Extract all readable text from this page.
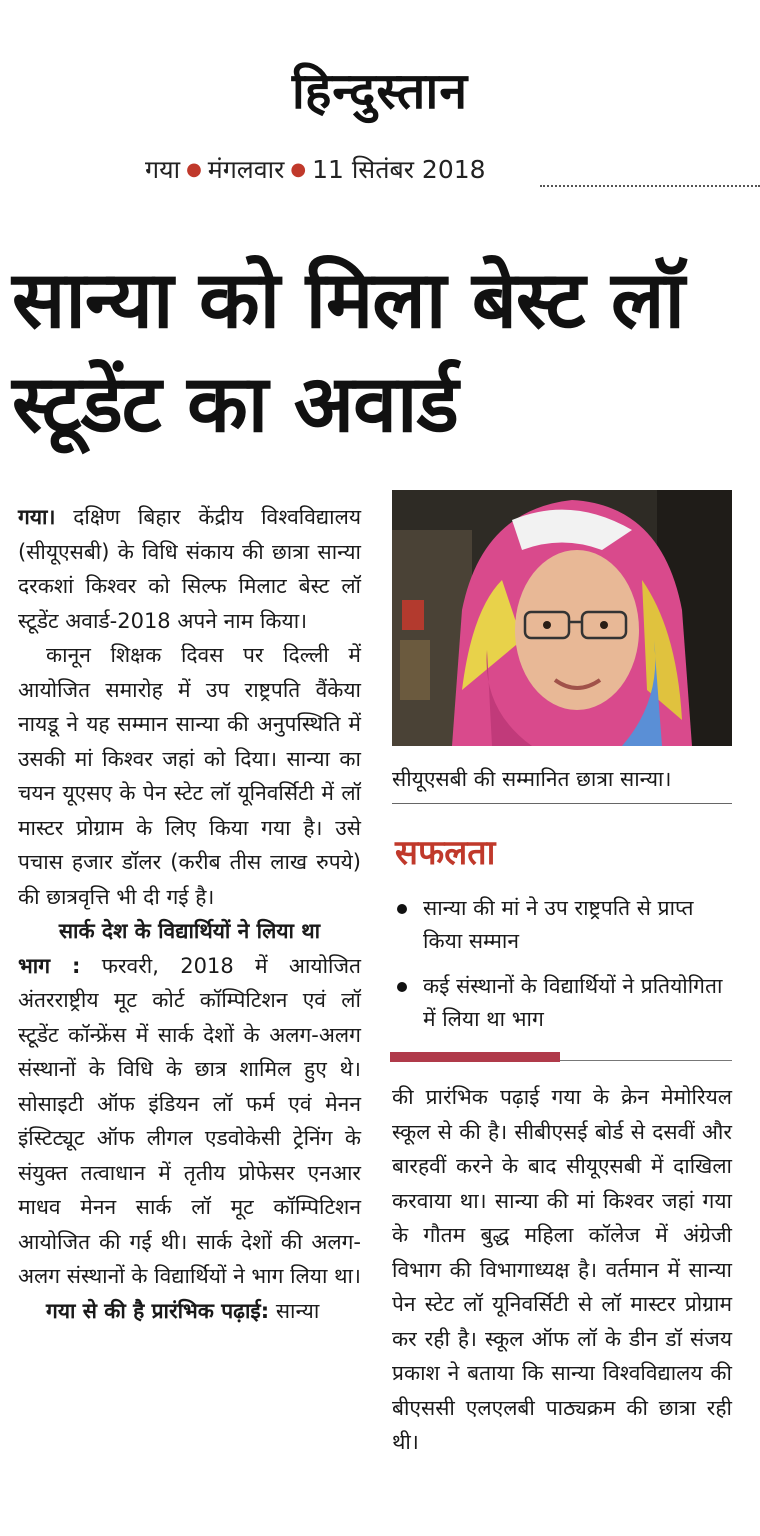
हिन्दुस्तान
गया ● मंगलवार ● 11 सितंबर 2018
सान्या को मिला बेस्ट लॉ
स्टूडेंट का अवार्ड

गया। दक्षिण बिहार केंद्रीय विश्वविद्यालय (सीयूएसबी) के विधि संकाय की छात्रा सान्या दरकशां किश्वर को सिल्फ मिलाट बेस्ट लॉ स्टूडेंट अवार्ड-2018 अपने नाम किया।

कानून शिक्षक दिवस पर दिल्ली में आयोजित समारोह में उप राष्ट्रपति वैंकेया नायडू ने यह सम्मान सान्या की अनुपस्थिति में उसकी मां किश्वर जहां को दिया। सान्या का चयन यूएसए के पेन स्टेट लॉ यूनिवर्सिटी में लॉ मास्टर प्रोग्राम के लिए किया गया है। उसे पचास हजार डॉलर (करीब तीस लाख रुपये) की छात्रवृत्ति भी दी गई है।

सार्क देश के विद्यार्थियों ने लिया था

भाग : फरवरी, 2018 में आयोजित अंतरराष्ट्रीय मूट कोर्ट कॉम्पिटिशन एवं लॉ स्टूडेंट कॉन्फ्रेंस में सार्क देशों के अलग-अलग संस्थानों के विधि के छात्र शामिल हुए थे। सोसाइटी ऑफ इंडियन लॉ फर्म एवं मेनन इंस्टिट्यूट ऑफ लीगल एडवोकेसी ट्रेनिंग के संयुक्त तत्वाधान में तृतीय प्रोफेसर एनआर माधव मेनन सार्क लॉ मूट कॉम्पिटिशन आयोजित की गई थी। सार्क देशों की अलग-अलग संस्थानों के विद्यार्थियों ने भाग लिया था।

गया से की है प्रारंभिक पढ़ाई: सान्या

सीयूएसबी की सम्मानित छात्रा सान्या।
सफलता
सान्या की मां ने उप राष्ट्रपति से प्राप्त किया सम्मान
कई संस्थानों के विद्यार्थियों ने प्रतियोगिता में लिया था भाग

की प्रारंभिक पढ़ाई गया के क्रेन मेमोरियल स्कूल से की है। सीबीएसई बोर्ड से दसवीं और बारहवीं करने के बाद सीयूएसबी में दाखिला करवाया था। सान्या की मां किश्वर जहां गया के गौतम बुद्ध महिला कॉलेज में अंग्रेजी विभाग की विभागाध्यक्ष है। वर्तमान में सान्या पेन स्टेट लॉ यूनिवर्सिटी से लॉ मास्टर प्रोग्राम कर रही है। स्कूल ऑफ लॉ के डीन डॉ संजय प्रकाश ने बताया कि सान्या विश्वविद्यालय की बीएससी एलएलबी पाठ्यक्रम की छात्रा रही थी।
